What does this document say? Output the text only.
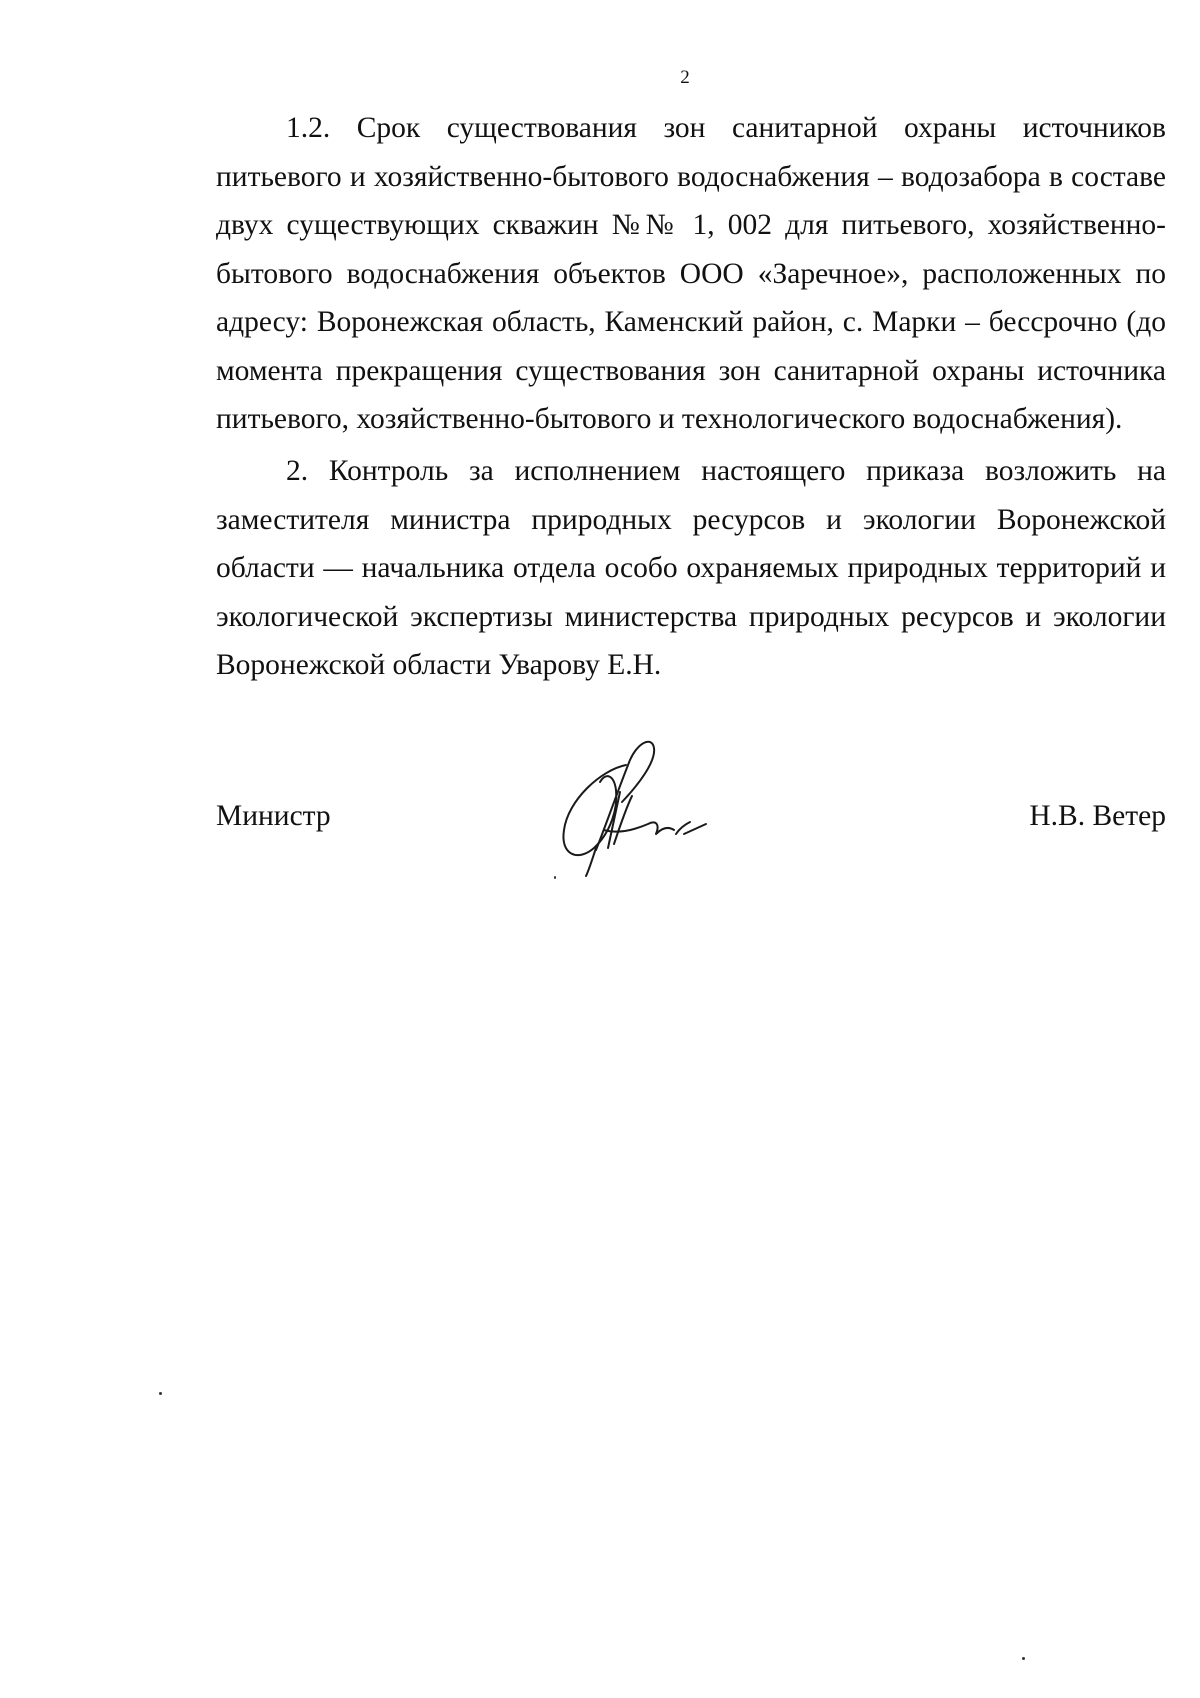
2

1.2. Срок существования зон санитарной охраны источников питьевого и хозяйственно-бытового водоснабжения – водозабора в составе двух существующих скважин №№ 1, 002 для питьевого, хозяйственно-бытового водоснабжения объектов ООО «Заречное», расположенных по адресу: Воронежская область, Каменский район, с. Марки – бессрочно (до момента прекращения существования зон санитарной охраны источника питьевого, хозяйственно-бытового и технологического водоснабжения).

2. Контроль за исполнением настоящего приказа возложить на заместителя министра природных ресурсов и экологии Воронежской области — начальника отдела особо охраняемых природных территорий и экологической экспертизы министерства природных ресурсов и экологии Воронежской области Уварову Е.Н.

Министр	Н.В. Ветер
